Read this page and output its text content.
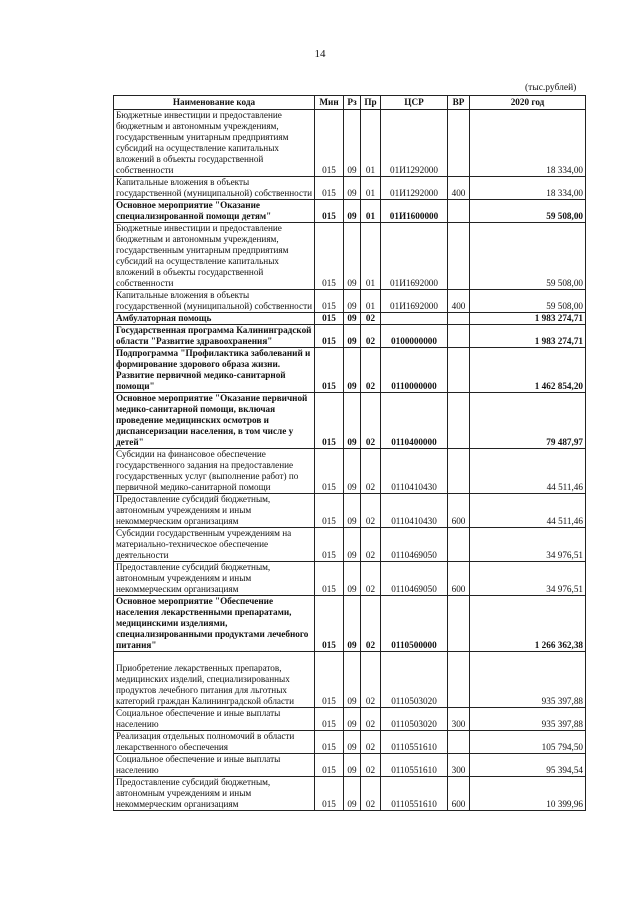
14
(тыс.рублей)
Наименование кода	Мин	Рз	Пр	ЦСР	ВР	2020 год
Бюджетные инвестиции и предоставление бюджетным и автономным учреждениям, государственным унитарным предприятиям субсидий на осуществление капитальных вложений в объекты государственной собственности	015	09	01	01И1292000		18 334,00
Капитальные вложения в объекты государственной (муниципальной) собственности	015	09	01	01И1292000	400	18 334,00
Основное мероприятие "Оказание специализированной помощи детям"	015	09	01	01И1600000		59 508,00
Бюджетные инвестиции и предоставление бюджетным и автономным учреждениям, государственным унитарным предприятиям субсидий на осуществление капитальных вложений в объекты государственной собственности	015	09	01	01И1692000		59 508,00
Капитальные вложения в объекты государственной (муниципальной) собственности	015	09	01	01И1692000	400	59 508,00
Амбулаторная помощь	015	09	02			1 983 274,71
Государственная программа Калининградской области "Развитие здравоохранения"	015	09	02	0100000000		1 983 274,71
Подпрограмма "Профилактика заболеваний и формирование здорового образа жизни. Развитие первичной медико-санитарной помощи"	015	09	02	0110000000		1 462 854,20
Основное мероприятие "Оказание первичной медико-санитарной помощи, включая проведение медицинских осмотров и диспансеризации населения, в том числе у детей"	015	09	02	0110400000		79 487,97
Субсидии на финансовое обеспечение государственного задания на предоставление государственных услуг (выполнение работ) по первичной медико-санитарной помощи	015	09	02	0110410430		44 511,46
Предоставление субсидий бюджетным, автономным учреждениям и иным некоммерческим организациям	015	09	02	0110410430	600	44 511,46
Субсидии государственным учреждениям на материально-техническое обеспечение деятельности	015	09	02	0110469050		34 976,51
Предоставление субсидий бюджетным, автономным учреждениям и иным некоммерческим организациям	015	09	02	0110469050	600	34 976,51
Основное мероприятие "Обеспечение населения лекарственными препаратами, медицинскими изделиями, специализированными продуктами лечебного питания"	015	09	02	0110500000		1 266 362,38
Приобретение лекарственных препаратов, медицинских изделий, специализированных продуктов лечебного питания для льготных категорий граждан Калининградской области	015	09	02	0110503020		935 397,88
Социальное обеспечение и иные выплаты населению	015	09	02	0110503020	300	935 397,88
Реализация отдельных полномочий в области лекарственного обеспечения	015	09	02	0110551610		105 794,50
Социальное обеспечение и иные выплаты населению	015	09	02	0110551610	300	95 394,54
Предоставление субсидий бюджетным, автономным учреждениям и иным некоммерческим организациям	015	09	02	0110551610	600	10 399,96
